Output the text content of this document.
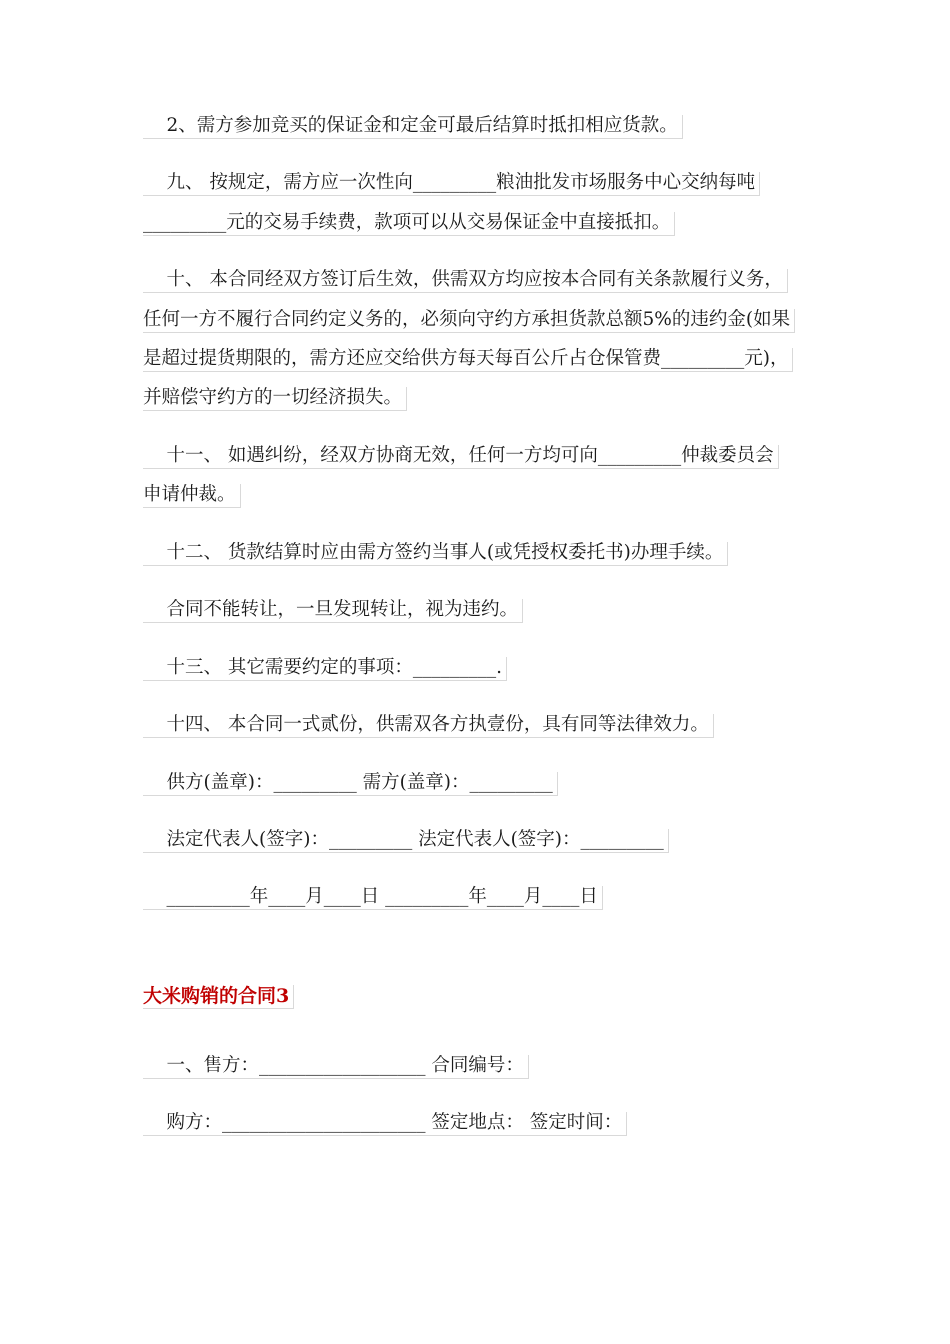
2、需方参加竞买的保证金和定金可最后结算时抵扣相应货款。
九、 按规定，需方应一次性向_________粮油批发市场服务中心交纳每吨
_________元的交易手续费，款项可以从交易保证金中直接抵扣。
十、 本合同经双方签订后生效，供需双方均应按本合同有关条款履行义务，
任何一方不履行合同约定义务的，必须向守约方承担货款总额5%的违约金(如果
是超过提货期限的，需方还应交给供方每天每百公斤占仓保管费_________元)，
并赔偿守约方的一切经济损失。
十一、 如遇纠纷，经双方协商无效，任何一方均可向_________仲裁委员会
申请仲裁。
十二、 货款结算时应由需方签约当事人(或凭授权委托书)办理手续。
合同不能转让，一旦发现转让，视为违约。
十三、 其它需要约定的事项：_________.
十四、 本合同一式贰份，供需双各方执壹份，具有同等法律效力。
供方(盖章)：_________ 需方(盖章)：_________
法定代表人(签字)：_________ 法定代表人(签字)：_________
_________年____月____日 _________年____月____日
大米购销的合同3
一、售方：__________________ 合同编号：
购方：______________________ 签定地点： 签定时间：
